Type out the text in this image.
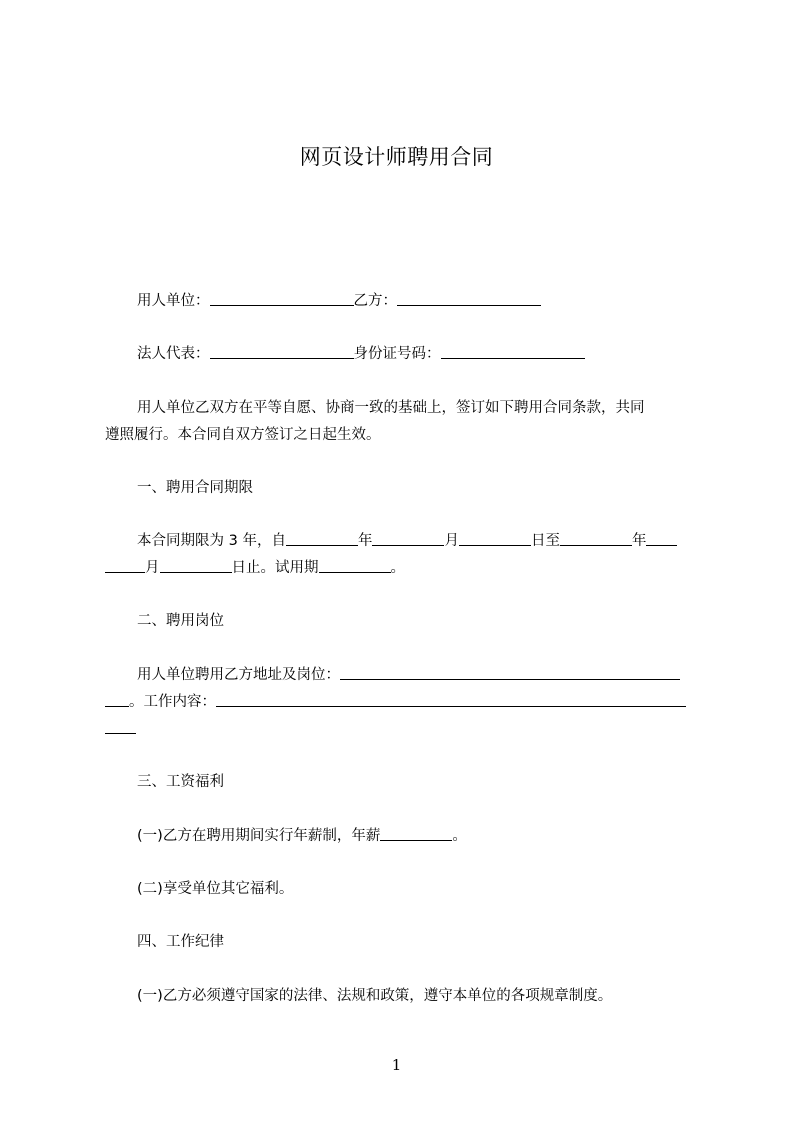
网页设计师聘用合同
用人单位：	乙方：
法人代表：	身份证号码：
用人单位乙双方在平等自愿、协商一致的基础上，签订如下聘用合同条款，共同
遵照履行。本合同自双方签订之日起生效。
一、聘用合同期限
本合同期限为 3 年，自	年	月	日至	年
月	日止。试用期	。
二、聘用岗位
用人单位聘用乙方地址及岗位：
。工作内容：
三、工资福利
(一)乙方在聘用期间实行年薪制，年薪	。
(二)享受单位其它福利。
四、工作纪律
(一)乙方必须遵守国家的法律、法规和政策，遵守本单位的各项规章制度。
1
